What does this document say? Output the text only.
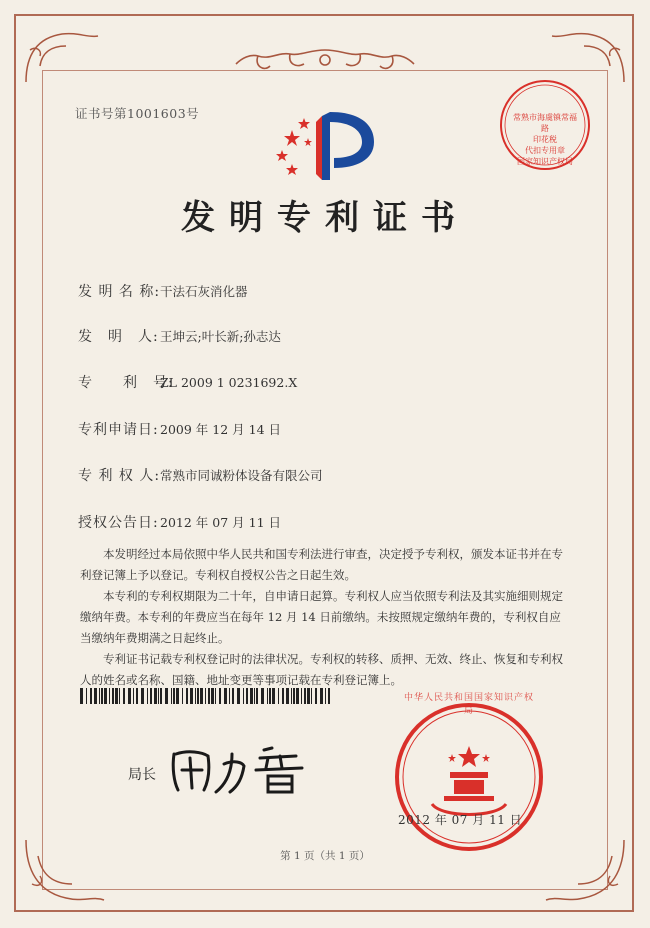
证书号第1001603号	常熟市海虞镇常福路
印花税
代扣专用章
国家知识产权局
发明专利证书
发 明 名 称:干法石灰消化器
发　明　人:王坤云;叶长新;孙志达
专　　利　号:ZL 2009 1 0231692.X
专利申请日:2009 年 12 月 14 日
专 利 权 人:常熟市同诚粉体设备有限公司
授权公告日:2012 年 07 月 11 日

本发明经过本局依照中华人民共和国专利法进行审查，决定授予专利权，颁发本证书并在专利登记簿上予以登记。专利权自授权公告之日起生效。

本专利的专利权期限为二十年，自申请日起算。专利权人应当依照专利法及其实施细则规定缴纳年费。本专利的年费应当在每年 12 月 14 日前缴纳。未按照规定缴纳年费的，专利权自应当缴纳年费期满之日起终止。

专利证书记载专利权登记时的法律状况。专利权的转移、质押、无效、终止、恢复和专利权人的姓名或名称、国籍、地址变更等事项记载在专利登记簿上。

局长
中华人民共和国国家知识产权局
2012 年 07 月 11 日
第 1 页（共 1 页）
